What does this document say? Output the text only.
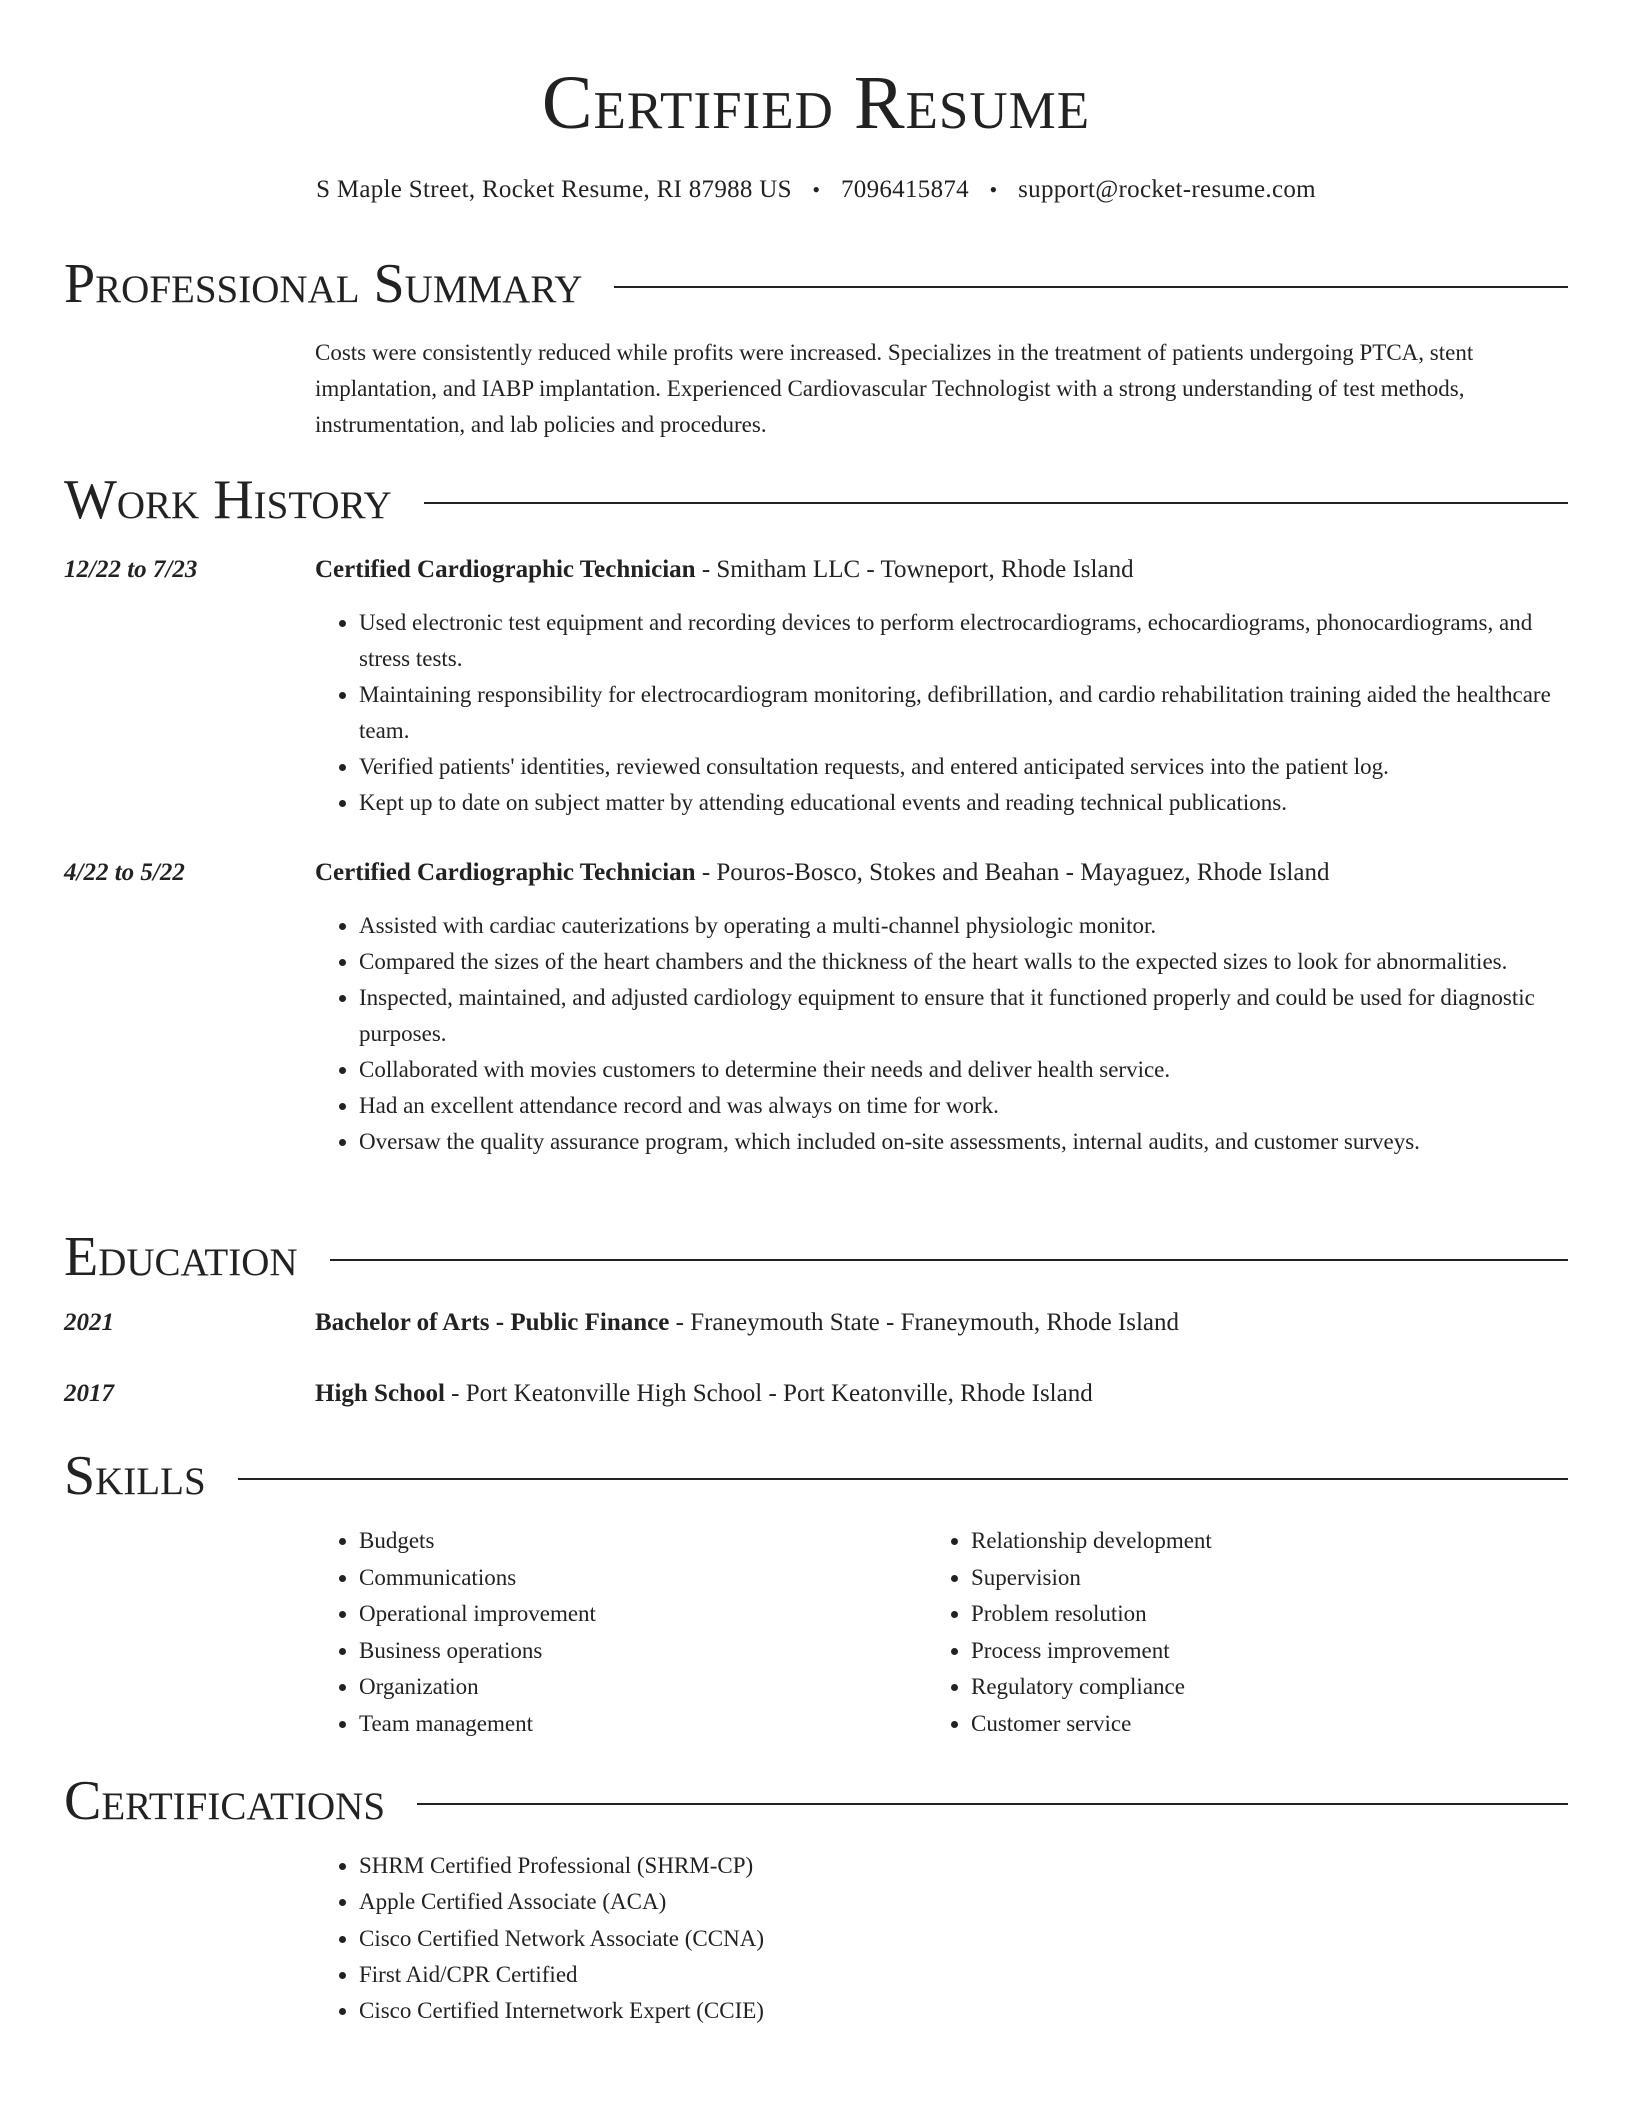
Certified Resume
S Maple Street, Rocket Resume, RI 87988 US • 7096415874 • support@rocket-resume.com
Professional Summary
Costs were consistently reduced while profits were increased. Specializes in the treatment of patients undergoing PTCA, stent implantation, and IABP implantation. Experienced Cardiovascular Technologist with a strong understanding of test methods, instrumentation, and lab policies and procedures.
Work History
12/22 to 7/23	Certified Cardiographic Technician - Smitham LLC - Towneport, Rhode Island
• Used electronic test equipment and recording devices to perform electrocardiograms, echocardiograms, phonocardiograms, and stress tests.
• Maintaining responsibility for electrocardiogram monitoring, defibrillation, and cardio rehabilitation training aided the healthcare team.
• Verified patients' identities, reviewed consultation requests, and entered anticipated services into the patient log.
• Kept up to date on subject matter by attending educational events and reading technical publications.
4/22 to 5/22	Certified Cardiographic Technician - Pouros-Bosco, Stokes and Beahan - Mayaguez, Rhode Island
• Assisted with cardiac cauterizations by operating a multi-channel physiologic monitor.
• Compared the sizes of the heart chambers and the thickness of the heart walls to the expected sizes to look for abnormalities.
• Inspected, maintained, and adjusted cardiology equipment to ensure that it functioned properly and could be used for diagnostic purposes.
• Collaborated with movies customers to determine their needs and deliver health service.
• Had an excellent attendance record and was always on time for work.
• Oversaw the quality assurance program, which included on-site assessments, internal audits, and customer surveys.
Education
2021	Bachelor of Arts - Public Finance - Franeymouth State - Franeymouth, Rhode Island
2017	High School - Port Keatonville High School - Port Keatonville, Rhode Island
Skills
• Budgets
• Communications
• Operational improvement
• Business operations
• Organization
• Team management
• Relationship development
• Supervision
• Problem resolution
• Process improvement
• Regulatory compliance
• Customer service
Certifications
• SHRM Certified Professional (SHRM-CP)
• Apple Certified Associate (ACA)
• Cisco Certified Network Associate (CCNA)
• First Aid/CPR Certified
• Cisco Certified Internetwork Expert (CCIE)
